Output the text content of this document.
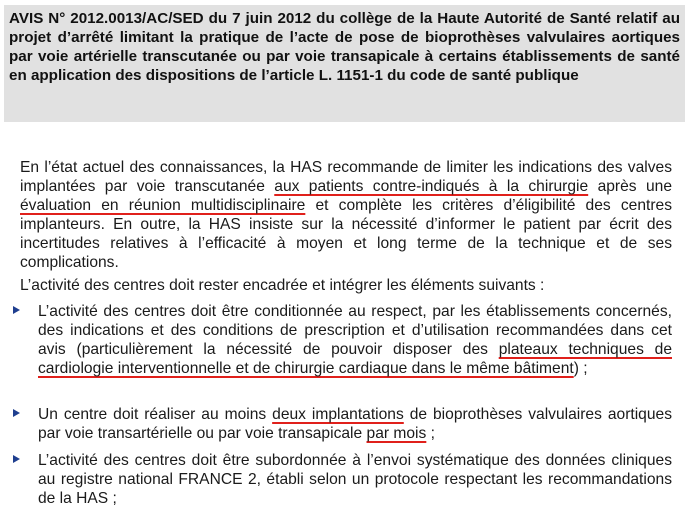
AVIS N° 2012.0013/AC/SED du 7 juin 2012 du collège de la Haute Autorité de Santé relatif au projet d’arrêté limitant la pratique de l’acte de pose de bioprothèses valvulaires aortiques par voie artérielle transcutanée ou par voie transapicale à certains établissements de santé en application des dispositions de l’article L. 1151-1 du code de santé publique

En l’état actuel des connaissances, la HAS recommande de limiter les indications des valves implantées par voie transcutanée aux patients contre-indiqués à la chirurgie après une évaluation en réunion multidisciplinaire et complète les critères d’éligibilité des centres implanteurs. En outre, la HAS insiste sur la nécessité d’informer le patient par écrit des incertitudes relatives à l’efficacité à moyen et long terme de la technique et de ses complications.

L’activité des centres doit rester encadrée et intégrer les éléments suivants :

L’activité des centres doit être conditionnée au respect, par les établissements concernés, des indications et des conditions de prescription et d’utilisation recommandées dans cet avis (particulièrement la nécessité de pouvoir disposer des plateaux techniques de cardiologie interventionnelle et de chirurgie cardiaque dans le même bâtiment) ;

Un centre doit réaliser au moins deux implantations de bioprothèses valvulaires aortiques par voie transartérielle ou par voie transapicale par mois ;

L’activité des centres doit être subordonnée à l’envoi systématique des données cliniques au registre national FRANCE 2, établi selon un protocole respectant les recommandations de la HAS ;
